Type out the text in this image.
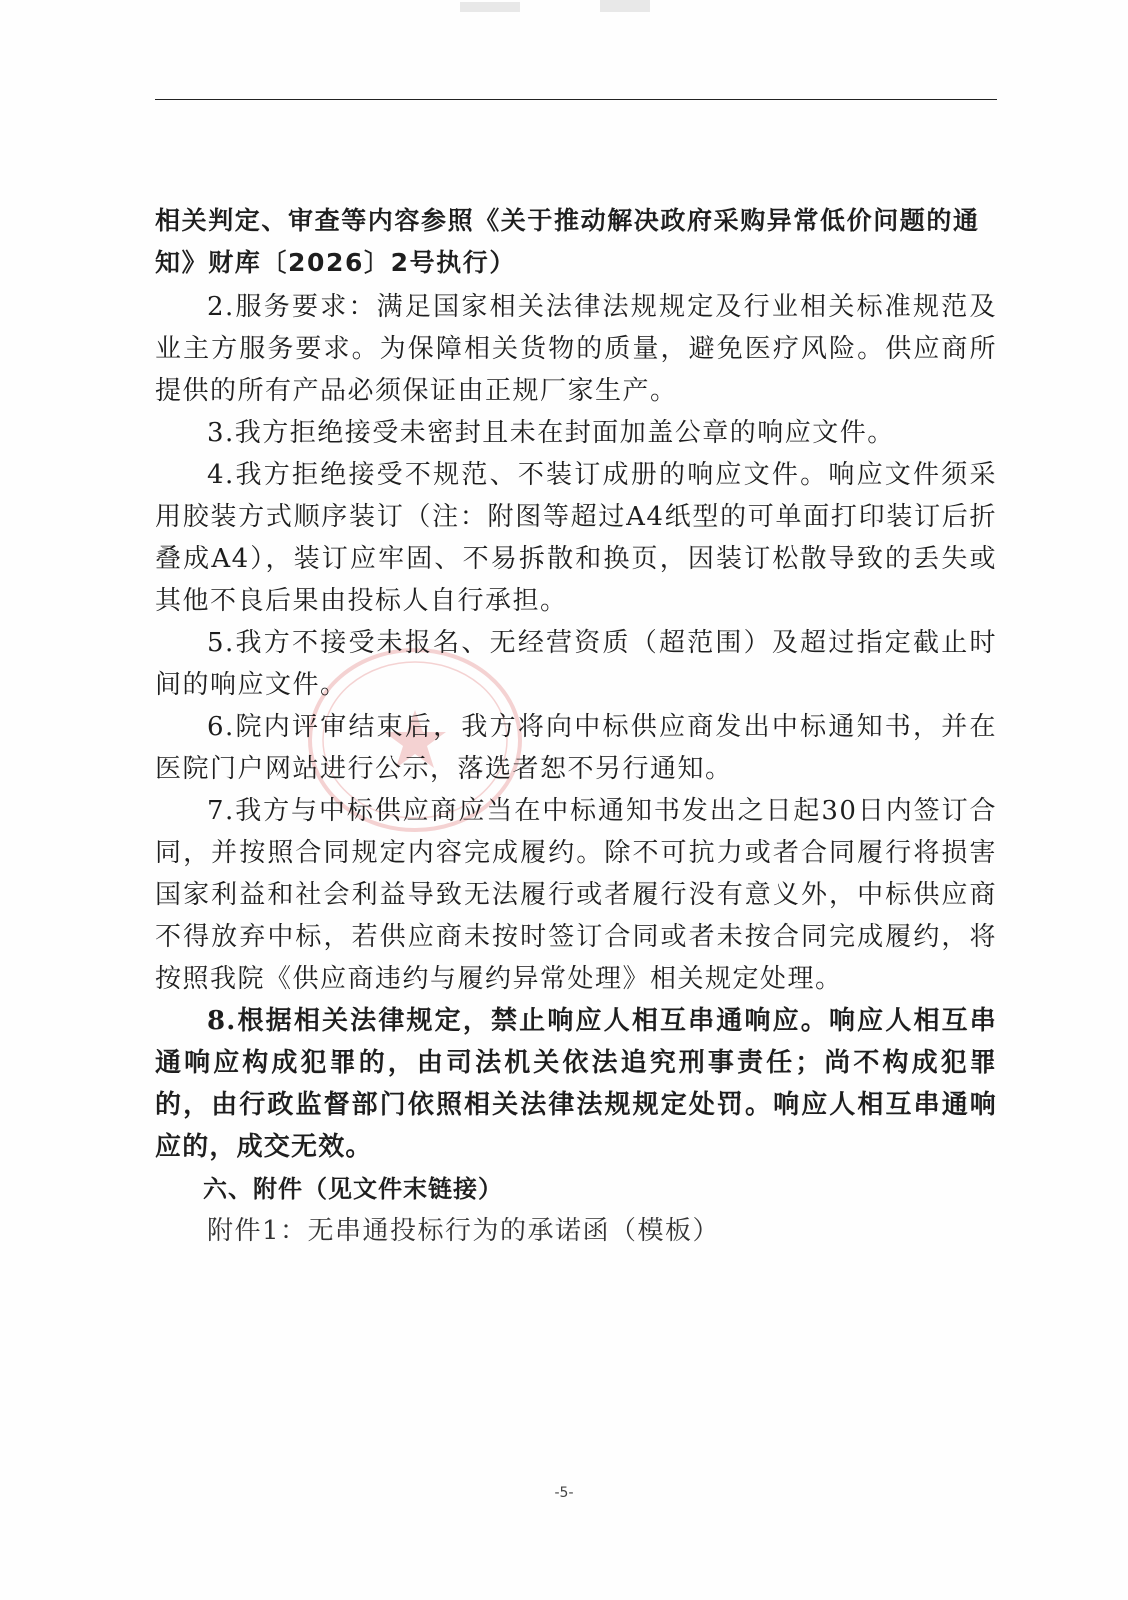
相关判定、审查等内容参照《关于推动解决政府采购异常低价问题的通知》财库〔2026〕2号执行）

2.服务要求：满足国家相关法律法规规定及行业相关标准规范及业主方服务要求。为保障相关货物的质量，避免医疗风险。供应商所提供的所有产品必须保证由正规厂家生产。

3.我方拒绝接受未密封且未在封面加盖公章的响应文件。

4.我方拒绝接受不规范、不装订成册的响应文件。响应文件须采用胶装方式顺序装订（注：附图等超过A4纸型的可单面打印装订后折叠成A4），装订应牢固、不易拆散和换页，因装订松散导致的丢失或其他不良后果由投标人自行承担。

5.我方不接受未报名、无经营资质（超范围）及超过指定截止时间的响应文件。

6.院内评审结束后，我方将向中标供应商发出中标通知书，并在医院门户网站进行公示，落选者恕不另行通知。

7.我方与中标供应商应当在中标通知书发出之日起30日内签订合同，并按照合同规定内容完成履约。除不可抗力或者合同履行将损害国家利益和社会利益导致无法履行或者履行没有意义外，中标供应商不得放弃中标，若供应商未按时签订合同或者未按合同完成履约，将按照我院《供应商违约与履约异常处理》相关规定处理。

8.根据相关法律规定，禁止响应人相互串通响应。响应人相互串通响应构成犯罪的，由司法机关依法追究刑事责任；尚不构成犯罪的，由行政监督部门依照相关法律法规规定处罚。响应人相互串通响应的，成交无效。

六、附件（见文件末链接）

附件1：无串通投标行为的承诺函（模板）

-5-
